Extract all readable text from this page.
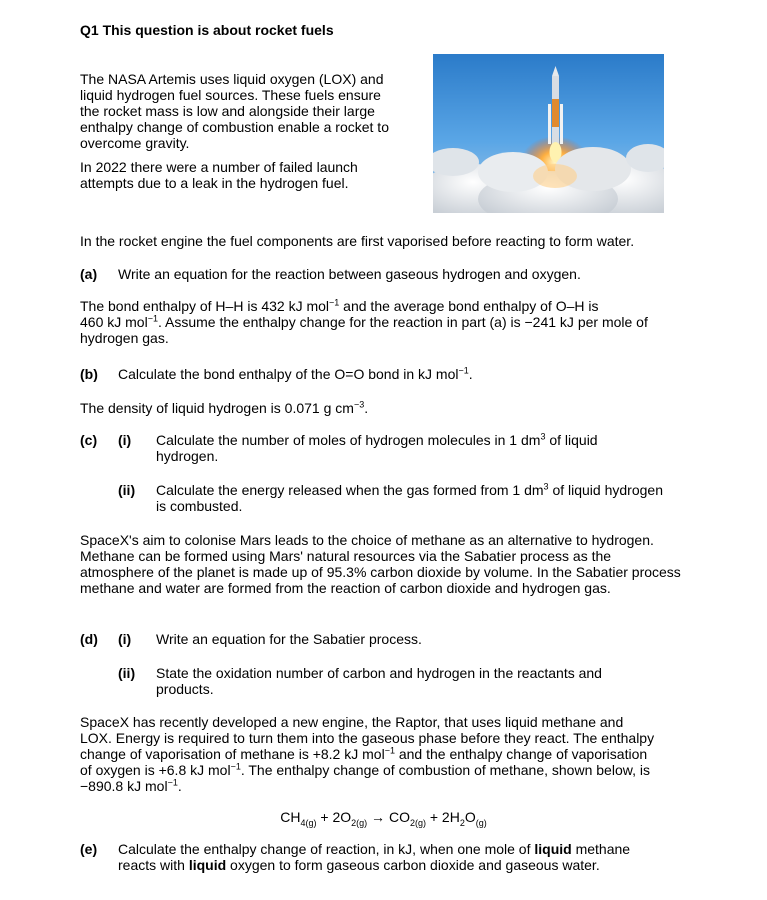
Q1 This question is about rocket fuels

The NASA Artemis uses liquid oxygen (LOX) and liquid hydrogen fuel sources. These fuels ensure the rocket mass is low and alongside their large enthalpy change of combustion enable a rocket to overcome gravity.

In 2022 there were a number of failed launch attempts due to a leak in the hydrogen fuel.

In the rocket engine the fuel components are first vaporised before reacting to form water.
(a) Write an equation for the reaction between gaseous hydrogen and oxygen.
The bond enthalpy of H–H is 432 kJ mol$^{-1}$ and the average bond enthalpy of O–H is
460 kJ mol$^{-1}$. Assume the enthalpy change for the reaction in part (a) is −241 kJ per mole of
hydrogen gas.
(b) Calculate the bond enthalpy of the O=O bond in kJ mol$^{-1}$.
The density of liquid hydrogen is 0.071 g $cm^{-3}$.
(c) (i) Calculate the number of moles of hydrogen molecules in 1 $dm^3$ of liquid
hydrogen.
(ii) Calculate the energy released when the gas formed from 1 $dm^3$ of liquid hydrogen
is combusted.
SpaceX's aim to colonise Mars leads to the choice of methane as an alternative to hydrogen. Methane can be formed using Mars' natural resources via the Sabatier process as the atmosphere of the planet is made up of 95.3% carbon dioxide by volume. In the Sabatier process methane and water are formed from the reaction of carbon dioxide and hydrogen gas.
(d) (i) Write an equation for the Sabatier process.
(ii) State the oxidation number of carbon and hydrogen in the reactants and
products.
SpaceX has recently developed a new engine, the Raptor, that uses liquid methane and
LOX. Energy is required to turn them into the gaseous phase before they react. The enthalpy
change of vaporisation of methane is +8.2 kJ mol$^{-1}$ and the enthalpy change of vaporisation
of oxygen is +6.8 kJ mol$^{-1}$. The enthalpy change of combustion of methane, shown below, is
−890.8 kJ mol$^{-1}$.
$CH_{4(g)} + 2O_{2(g)} \to CO_{2(g)} + 2H_2O_{(g)}$
(e) Calculate the enthalpy change of reaction, in kJ, when one mole of liquid methane
reacts with liquid oxygen to form gaseous carbon dioxide and gaseous water.
